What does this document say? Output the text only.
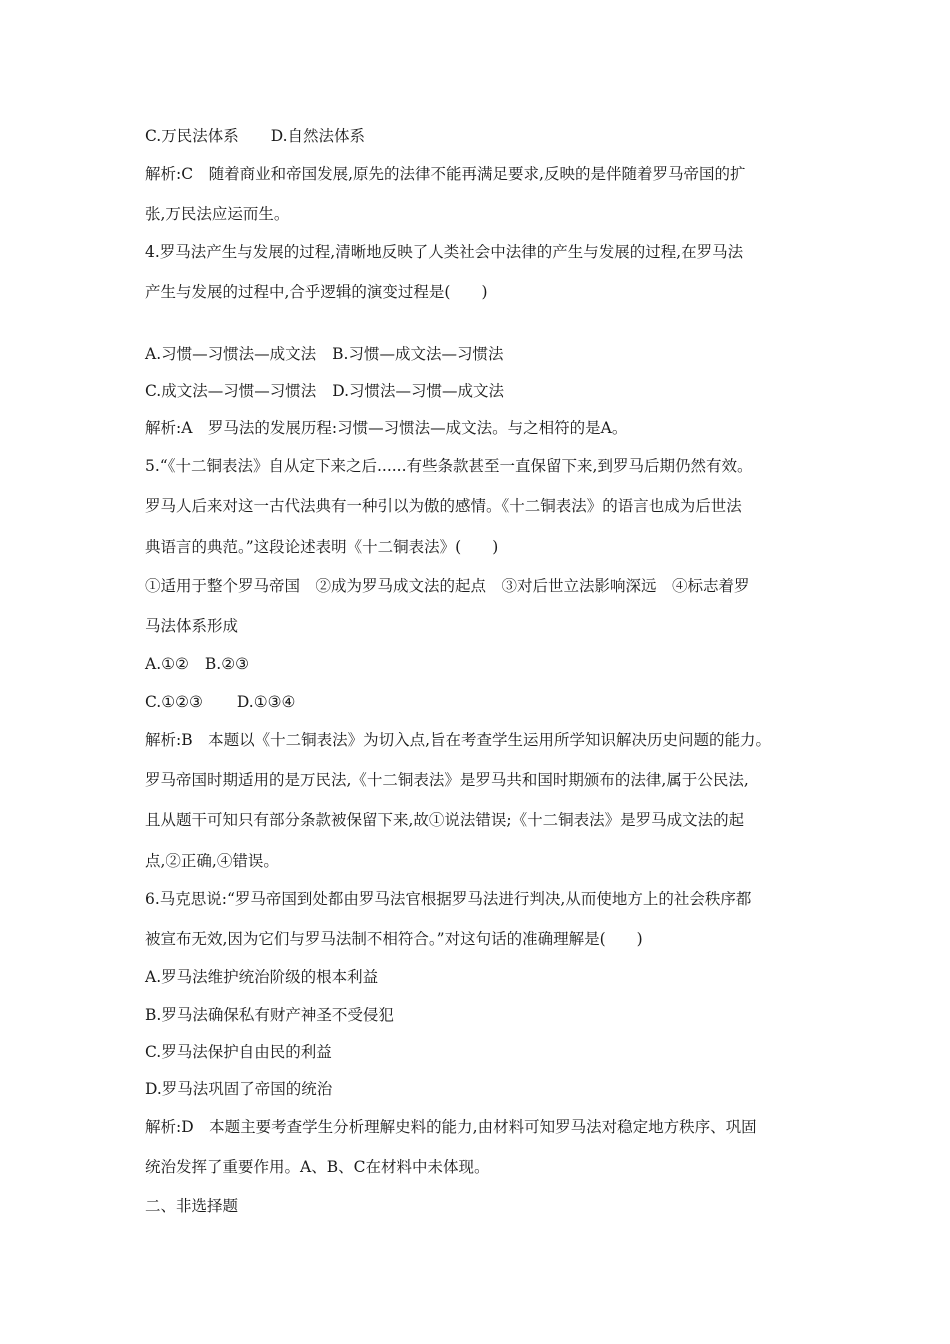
C.万民法体系 D.自然法体系
解析:C　随着商业和帝国发展,原先的法律不能再满足要求,反映的是伴随着罗马帝国的扩
张,万民法应运而生。
4.罗马法产生与发展的过程,清晰地反映了人类社会中法律的产生与发展的过程,在罗马法
产生与发展的过程中,合乎逻辑的演变过程是(　　)
A.习惯—习惯法—成文法 B.习惯—成文法—习惯法
C.成文法—习惯—习惯法 D.习惯法—习惯—成文法
解析:A　罗马法的发展历程:习惯—习惯法—成文法。与之相符的是A。
5.“《十二铜表法》自从定下来之后......有些条款甚至一直保留下来,到罗马后期仍然有效。
罗马人后来对这一古代法典有一种引以为傲的感情。《十二铜表法》的语言也成为后世法
典语言的典范。”这段论述表明《十二铜表法》(　　)
①适用于整个罗马帝国　②成为罗马成文法的起点　③对后世立法影响深远　④标志着罗
马法体系形成
A.①② B.②③
C.①②③ D.①③④
解析:B　本题以《十二铜表法》为切入点,旨在考查学生运用所学知识解决历史问题的能力。
罗马帝国时期适用的是万民法,《十二铜表法》是罗马共和国时期颁布的法律,属于公民法,
且从题干可知只有部分条款被保留下来,故①说法错误;《十二铜表法》是罗马成文法的起
点,②正确,④错误。
6.马克思说:“罗马帝国到处都由罗马法官根据罗马法进行判决,从而使地方上的社会秩序都
被宣布无效,因为它们与罗马法制不相符合。”对这句话的准确理解是(　　)
A.罗马法维护统治阶级的根本利益
B.罗马法确保私有财产神圣不受侵犯
C.罗马法保护自由民的利益
D.罗马法巩固了帝国的统治
解析:D　本题主要考查学生分析理解史料的能力,由材料可知罗马法对稳定地方秩序、巩固
统治发挥了重要作用。A、B、C在材料中未体现。
二、非选择题
